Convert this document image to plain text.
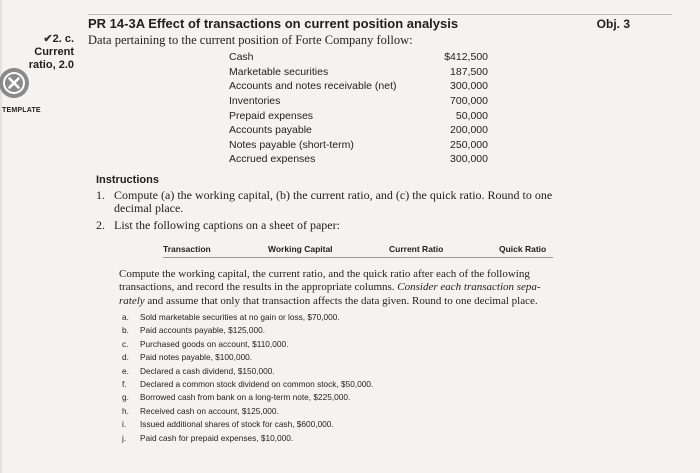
PR 14-3A Effect of transactions on current position analysis	Obj. 3
✔2. c. Current
ratio, 2.0
TEMPLATE
Data pertaining to the current position of Forte Company follow:
Cash	$412,500
Marketable securities	187,500
Accounts and notes receivable (net)	300,000
Inventories	700,000
Prepaid expenses	50,000
Accounts payable	200,000
Notes payable (short-term)	250,000
Accrued expenses	300,000
Instructions
1. Compute (a) the working capital, (b) the current ratio, and (c) the quick ratio. Round to one
decimal place.
2. List the following captions on a sheet of paper:
Transaction	Working Capital	Current Ratio	Quick Ratio
Compute the working capital, the current ratio, and the quick ratio after each of the following
transactions, and record the results in the appropriate columns. Consider each transaction sepa-
rately and assume that only that transaction affects the data given. Round to one decimal place.
a.	Sold marketable securities at no gain or loss, $70,000.
b.	Paid accounts payable, $125,000.
c.	Purchased goods on account, $110,000.
d.	Paid notes payable, $100,000.
e.	Declared a cash dividend, $150,000.
f.	Declared a common stock dividend on common stock, $50,000.
g.	Borrowed cash from bank on a long-term note, $225,000.
h.	Received cash on account, $125,000.
i.	Issued additional shares of stock for cash, $600,000.
j.	Paid cash for prepaid expenses, $10,000.
